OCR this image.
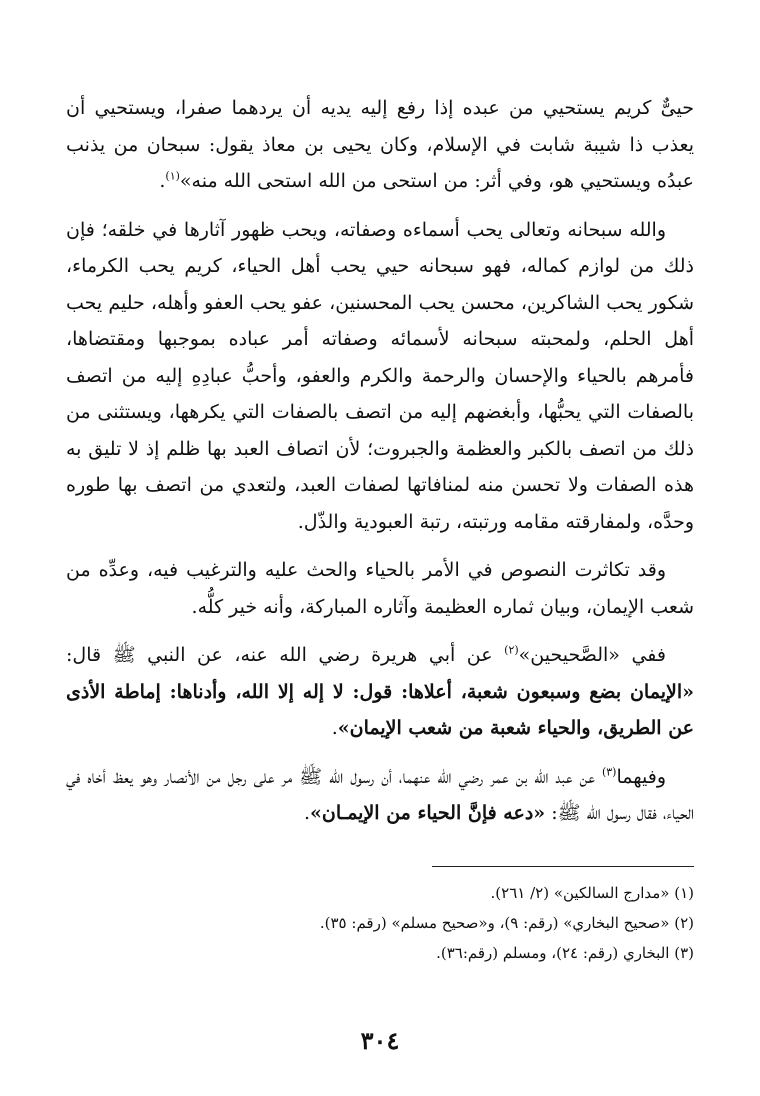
حيىٌّ كريم يستحيي من عبده إذا رفع إليه يديه أن يردهما صفرا، ويستحيي أن يعذب ذا شيبة شابت في الإسلام، وكان يحيى بن معاذ يقول: سبحان من يذنب عبدُه ويستحيي هو، وفي أثر: من استحى من الله استحى الله منه»$^{(١)}$.

والله سبحانه وتعالى يحب أسماءه وصفاته، ويحب ظهور آثارها في خلقه؛ فإن ذلك من لوازم كماله، فهو سبحانه حيي يحب أهل الحياء، كريم يحب الكرماء، شكور يحب الشاكرين، محسن يحب المحسنين، عفو يحب العفو وأهله، حليم يحب أهل الحلم، ولمحبته سبحانه لأسمائه وصفاته أمر عباده بموجبها ومقتضاها، فأمرهم بالحياء والإحسان والرحمة والكرم والعفو، وأحبُّ عبادِهِ إليه من اتصف بالصفات التي يحبُّها، وأبغضهم إليه من اتصف بالصفات التي يكرهها، ويستثنى من ذلك من اتصف بالكبر والعظمة والجبروت؛ لأن اتصاف العبد بها ظلم إذ لا تليق به هذه الصفات ولا تحسن منه لمنافاتها لصفات العبد، ولتعدي من اتصف بها طوره وحدَّه، ولمفارقته مقامه ورتبته، رتبة العبودية والذّل.

وقد تكاثرت النصوص في الأمر بالحياء والحث عليه والترغيب فيه، وعدِّه من شعب الإيمان، وبيان ثماره العظيمة وآثاره المباركة، وأنه خير كلُّه.

ففي «الصَّحيحين»$^{(٢)}$ عن أبي هريرة رضي الله عنه، عن النبي ﷺ قال: «الإيمان بضع وسبعون شعبة، أعلاها: قول: لا إله إلا الله، وأدناها: إماطة الأذى عن الطريق، والحياء شعبة من شعب الإيمان».

وفيهما$^{(٣)}$ عن عبد الله بن عمر رضي الله عنهما، أن رسول الله ﷺ مر على رجل من الأنصار وهو يعظ أخاه في الحياء، فقال رسول الله ﷺ: «دعه فإنَّ الحياء من الإيمـان».

(١) «مدارج السالكين» (٢/ ٢٦١).

(٢) «صحيح البخاري» (رقم: ٩)، و«صحيح مسلم» (رقم: ٣٥).

(٣) البخاري (رقم: ٢٤)، ومسلم (رقم:٣٦).

٣٠٤
